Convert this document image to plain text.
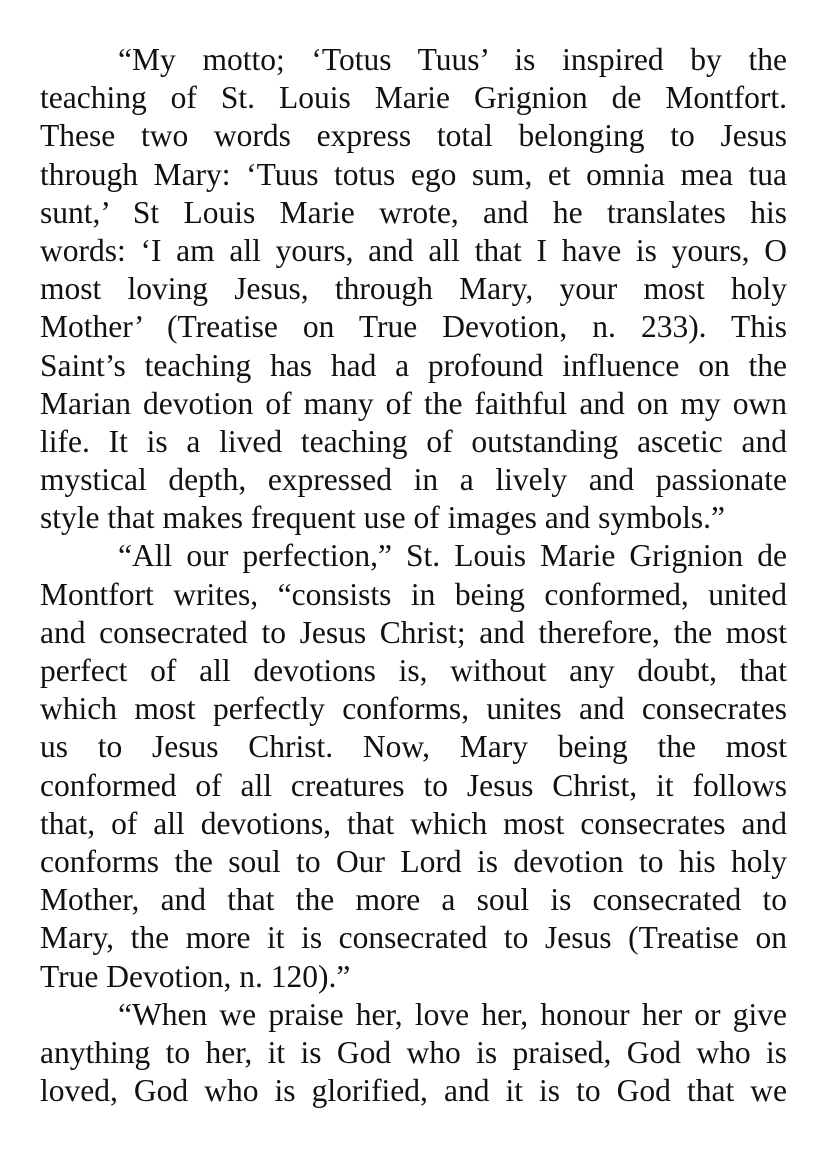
“My motto; ‘Totus Tuus’ is inspired by the
teaching of St. Louis Marie Grignion de Montfort.
These two words express total belonging to Jesus
through Mary: ‘Tuus totus ego sum, et omnia mea tua
sunt,’ St Louis Marie wrote, and he translates his
words: ‘I am all yours, and all that I have is yours, O
most loving Jesus, through Mary, your most holy
Mother’ (Treatise on True Devotion, n. 233). This
Saint’s teaching has had a profound influence on the
Marian devotion of many of the faithful and on my own
life. It is a lived teaching of outstanding ascetic and
mystical depth, expressed in a lively and passionate
style that makes frequent use of images and symbols.”
“All our perfection,” St. Louis Marie Grignion de
Montfort writes, “consists in being conformed, united
and consecrated to Jesus Christ; and therefore, the most
perfect of all devotions is, without any doubt, that
which most perfectly conforms, unites and consecrates
us to Jesus Christ. Now, Mary being the most
conformed of all creatures to Jesus Christ, it follows
that, of all devotions, that which most consecrates and
conforms the soul to Our Lord is devotion to his holy
Mother, and that the more a soul is consecrated to
Mary, the more it is consecrated to Jesus (Treatise on
True Devotion, n. 120).”
“When we praise her, love her, honour her or give
anything to her, it is God who is praised, God who is
loved, God who is glorified, and it is to God that we
